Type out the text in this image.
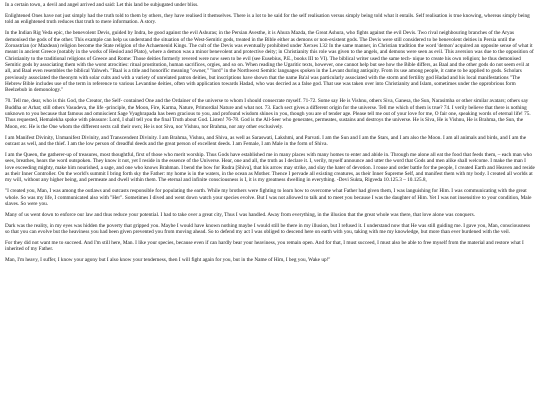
In a certain town, a devil and angel arrived and said: Let this land be subjugated under bliss.

Enlightened Ones have not just simply had the truth told to them by others, they have realised it themselves. There is a lot to be said for the self realisation versus simply being told what it entails. Self realisation is true knowing, whereas simply being told an enlightened truth reduces that truth to mere information. A story.

In the Indian Rig Veda epic, the benevolent Devis, guided by Indra, be good against the evil Ashuras; in the Persian Avesthe, it is Ahura Mazda, the Great Ashura, who fights against the evil Devis. Two rival neighbouring branches of the Aryas demonised the gods of the other. This example can help us understand the situation of the West-Semitic gods, treated in the Bible either as demons or non-existent gods. The Devis were still considered to be benevolent deities in Persia until the Zoroastrian (or Mazdean) religion become the State religion of the Achaemenid Kings. The cult of the Devis was eventually prohibited under Xerxes I.32 In the same manner, in Christian tradition the word 'demon' acquired an opposite sense of what it meant in ancient Greece (notably in the works of Hesiod and Plato), where a demon was a minor benevolent and protective deity; in Christianity this role was given to the angels, and demons were seen as evil. This aversion was due to the opposition of Christianity to the traditional religions of Greece and Rome: Those deities formerly revered were now seen to be evil (see Eusebius, P.E., books III to VI). The biblical writer used the same tech- nique to create his own religion; he thus demonised Semitic gods by associating them with the worst atrocities: ritual prostitution, human sacrifices, orgies, and so on. When reading the Ugaritic texts, however, one cannot help but see how the Bible differs, as Baal and the other gods do not seem evil at all, and Baal even resembles the biblical Yahweh. "Baal is a title and honorific meaning "owner," "lord" in the Northwest Semitic languages spoken in the Levant during antiquity. From its use among people, it came to be applied to gods. Scholars previously associated the theonym with solar cults and with a variety of unrelated patron deities, but inscriptions have shown that the name Ba'al was particularly associated with the storm and fertility god Hadad and his local manifestations "The Hebrew Bible includes use of the term in reference to various Levantine deities, often with application towards Hadad, who was decried as a false god. That use was taken over into Christianity and Islam, sometimes under the opprobrious form Beelzebub in demonology."

70. Tell me, dear, who is this God, the Creator, the Self- contained One and the Ordainer of the universe to whom I should consecrate myself. 71-72. Some say He is Vishnu, others Siva, Ganesa, the Sun, Narasimha or other similar avatars; others say Buddha or Arhat; still others Vasudeva, the life -principle, the Moon, Fire, Karma, Nature, Primordial Nature and what not. 73. Each sect gives a different origin for the universe. Tell me which of them is true? 74. I verily believe that there is nothing unknown to you because that famous and omniscient Sage Vyaghrapada has been gracious to you, and profound wisdom shines in you, though you are of tender age. Please tell me out of your love for me, O fair one, speaking words of eternal life! 75. Thus requested, Hemalekha spoke with pleasure: Lord, I shall tell you the final Truth about God. Listen! 76-78. God is the All-Seer who generates, permeates, sustains and destroys the universe. He is Siva, He is Vishnu, He is Brahma, the Sun, the Moon, etc. He is the One whom the different sects call their own; He is not Siva, nor Vishnu, nor Brahma, nor any other exclusively.

I am Manifest Divinity, Unmanifest Divinity, and Transcendent Divinity. I am Brahma, Vishnu, and Shiva, as well as Saraswati, Lakshmi, and Parvati. I am the Sun and I am the Stars, and I am also the Moon. I am all animals and birds, and I am the outcast as well, and the thief. I am the low person of dreadful deeds and the great person of excellent deeds. I am Female, I am Male in the form of Shiva.

I am the Queen, the gatherer-up of treasures, most thoughtful, first of those who merit worship. Thus Gods have established me in many places with many homes to enter and abide in. Through me alone all eat the food that feeds them, – each man who sees, breathes, hears the word outspoken. They know it not, yet I reside in the essence of the Universe. Hear, one and all, the truth as I declare it. I, verily, myself announce and utter the word that Gods and men alike shall welcome. I make the man I love exceeding mighty, make him nourished, a sage, and one who knows Brahman. I bend the bow for Rudra [Shiva], that his arrow may strike, and slay the hater of devotion. I rouse and order battle for the people, I created Earth and Heaven and reside as their Inner Controller. On the world's summit I bring forth sky the Father: my home is in the waters, in the ocean as Mother. Thence I pervade all existing creatures, as their Inner Supreme Self, and manifest them with my body. I created all worlds at my will, without any higher being, and permeate and dwell within them. The eternal and infinite consciousness is I, it is my greatness dwelling in everything. -Devi Sukta, Rigveda 10.125.3 – 10.125.8,

"I created you, Man, I was among the outlaws and outcasts responsible for populating the earth. While my brothers were fighting to learn how to overcome what Father had given them, I was languishing for Him. I was communicating with the great whole. So was my life, I communicated also with "Her". Sometimes I dived and went down watch your species evolve. But I was not allowed to talk and to meet you because I was the daughter of Him. Yet I was not insensitive to your condition, Male slaves. So were you.

Many of us went down to enforce our law and thus reduce your potential. I had to take over a great city, Thus I was handled. Away from everything, in the illusion that the great whole was there, that love alone was conquers.

Dark was the reality, in my eyes was hidden the poverty that gripped you. Maybe I would have known nothing maybe I would still be there in my illusion, but I refused it. I understand now that He was still guiding me. I gave you, Man, consciousness so that you can evolve but the heaviness you had been given prevented you from moving ahead. So to defend my act I was obliged to descend here on earth with you, taking with me my knowledge, but more than ever burdened with the veil.

For they did not want me to succeed. And I'm still here, Man. I like your species, because even if can hardly bear your heaviness, you remain open. And for that, I must succeed, I must also be able to free myself from the material and restore what I inherited of my Father.

Man, I'm heavy, I suffer, I know your agony but I also know your tenderness, then I will fight again for you, but in the Name of Him, I beg you, Wake up!"
